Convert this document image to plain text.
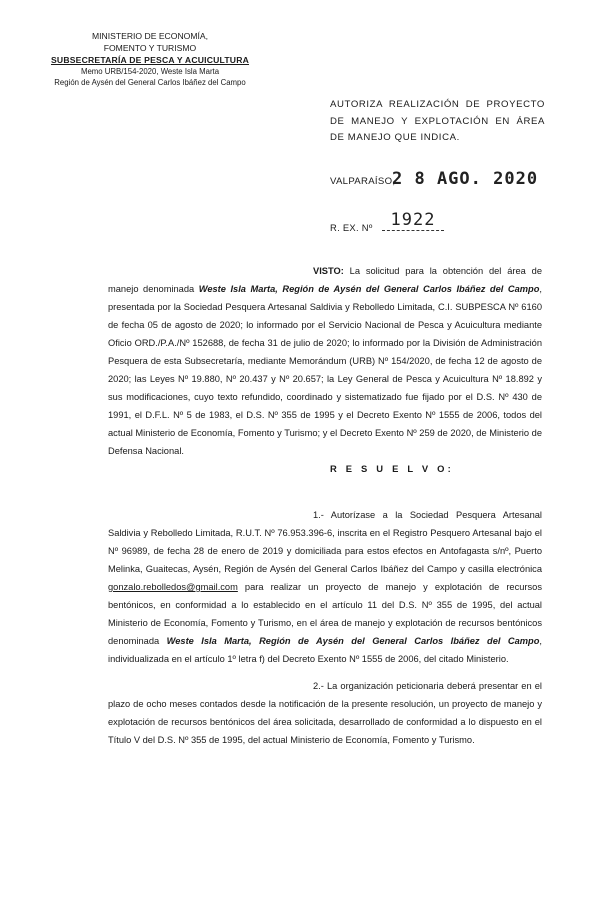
MINISTERIO DE ECONOMÍA,
FOMENTO Y TURISMO
SUBSECRETARÍA DE PESCA Y ACUICULTURA
Memo URB/154-2020, Weste Isla Marta
Región de Aysén del General Carlos Ibáñez del Campo
AUTORIZA REALIZACIÓN DE PROYECTO DE MANEJO Y EXPLOTACIÓN EN ÁREA DE MANEJO QUE INDICA.
VALPARAÍSO,
2 8 AGO. 2020
R. EX. Nº	1922
VISTO: La solicitud para la obtención del área de manejo denominada Weste Isla Marta, Región de Aysén del General Carlos Ibáñez del Campo, presentada por la Sociedad Pesquera Artesanal Saldivia y Rebolledo Limitada, C.I. SUBPESCA Nº 6160 de fecha 05 de agosto de 2020; lo informado por el Servicio Nacional de Pesca y Acuicultura mediante Oficio ORD./P.A./Nº 152688, de fecha 31 de julio de 2020; lo informado por la División de Administración Pesquera de esta Subsecretaría, mediante Memorándum (URB) Nº 154/2020, de fecha 12 de agosto de 2020; las Leyes Nº 19.880, Nº 20.437 y Nº 20.657; la Ley General de Pesca y Acuicultura Nº 18.892 y sus modificaciones, cuyo texto refundido, coordinado y sistematizado fue fijado por el D.S. Nº 430 de 1991, el D.F.L. Nº 5 de 1983, el D.S. Nº 355 de 1995 y el Decreto Exento Nº 1555 de 2006, todos del actual Ministerio de Economía, Fomento y Turismo; y el Decreto Exento Nº 259 de 2020, de Ministerio de Defensa Nacional.
R E S U E L V O:
1.- Autorízase a la Sociedad Pesquera Artesanal Saldivia y Rebolledo Limitada, R.U.T. Nº 76.953.396-6, inscrita en el Registro Pesquero Artesanal bajo el Nº 96989, de fecha 28 de enero de 2019 y domiciliada para estos efectos en Antofagasta s/nº, Puerto Melinka, Guaitecas, Aysén, Región de Aysén del General Carlos Ibáñez del Campo y casilla electrónica gonzalo.rebolledos@gmail.com para realizar un proyecto de manejo y explotación de recursos bentónicos, en conformidad a lo establecido en el artículo 11 del D.S. Nº 355 de 1995, del actual Ministerio de Economía, Fomento y Turismo, en el área de manejo y explotación de recursos bentónicos denominada Weste Isla Marta, Región de Aysén del General Carlos Ibáñez del Campo, individualizada en el artículo 1º letra f) del Decreto Exento Nº 1555 de 2006, del citado Ministerio.
2.- La organización peticionaria deberá presentar en el plazo de ocho meses contados desde la notificación de la presente resolución, un proyecto de manejo y explotación de recursos bentónicos del área solicitada, desarrollado de conformidad a lo dispuesto en el Título V del D.S. Nº 355 de 1995, del actual Ministerio de Economía, Fomento y Turismo.
